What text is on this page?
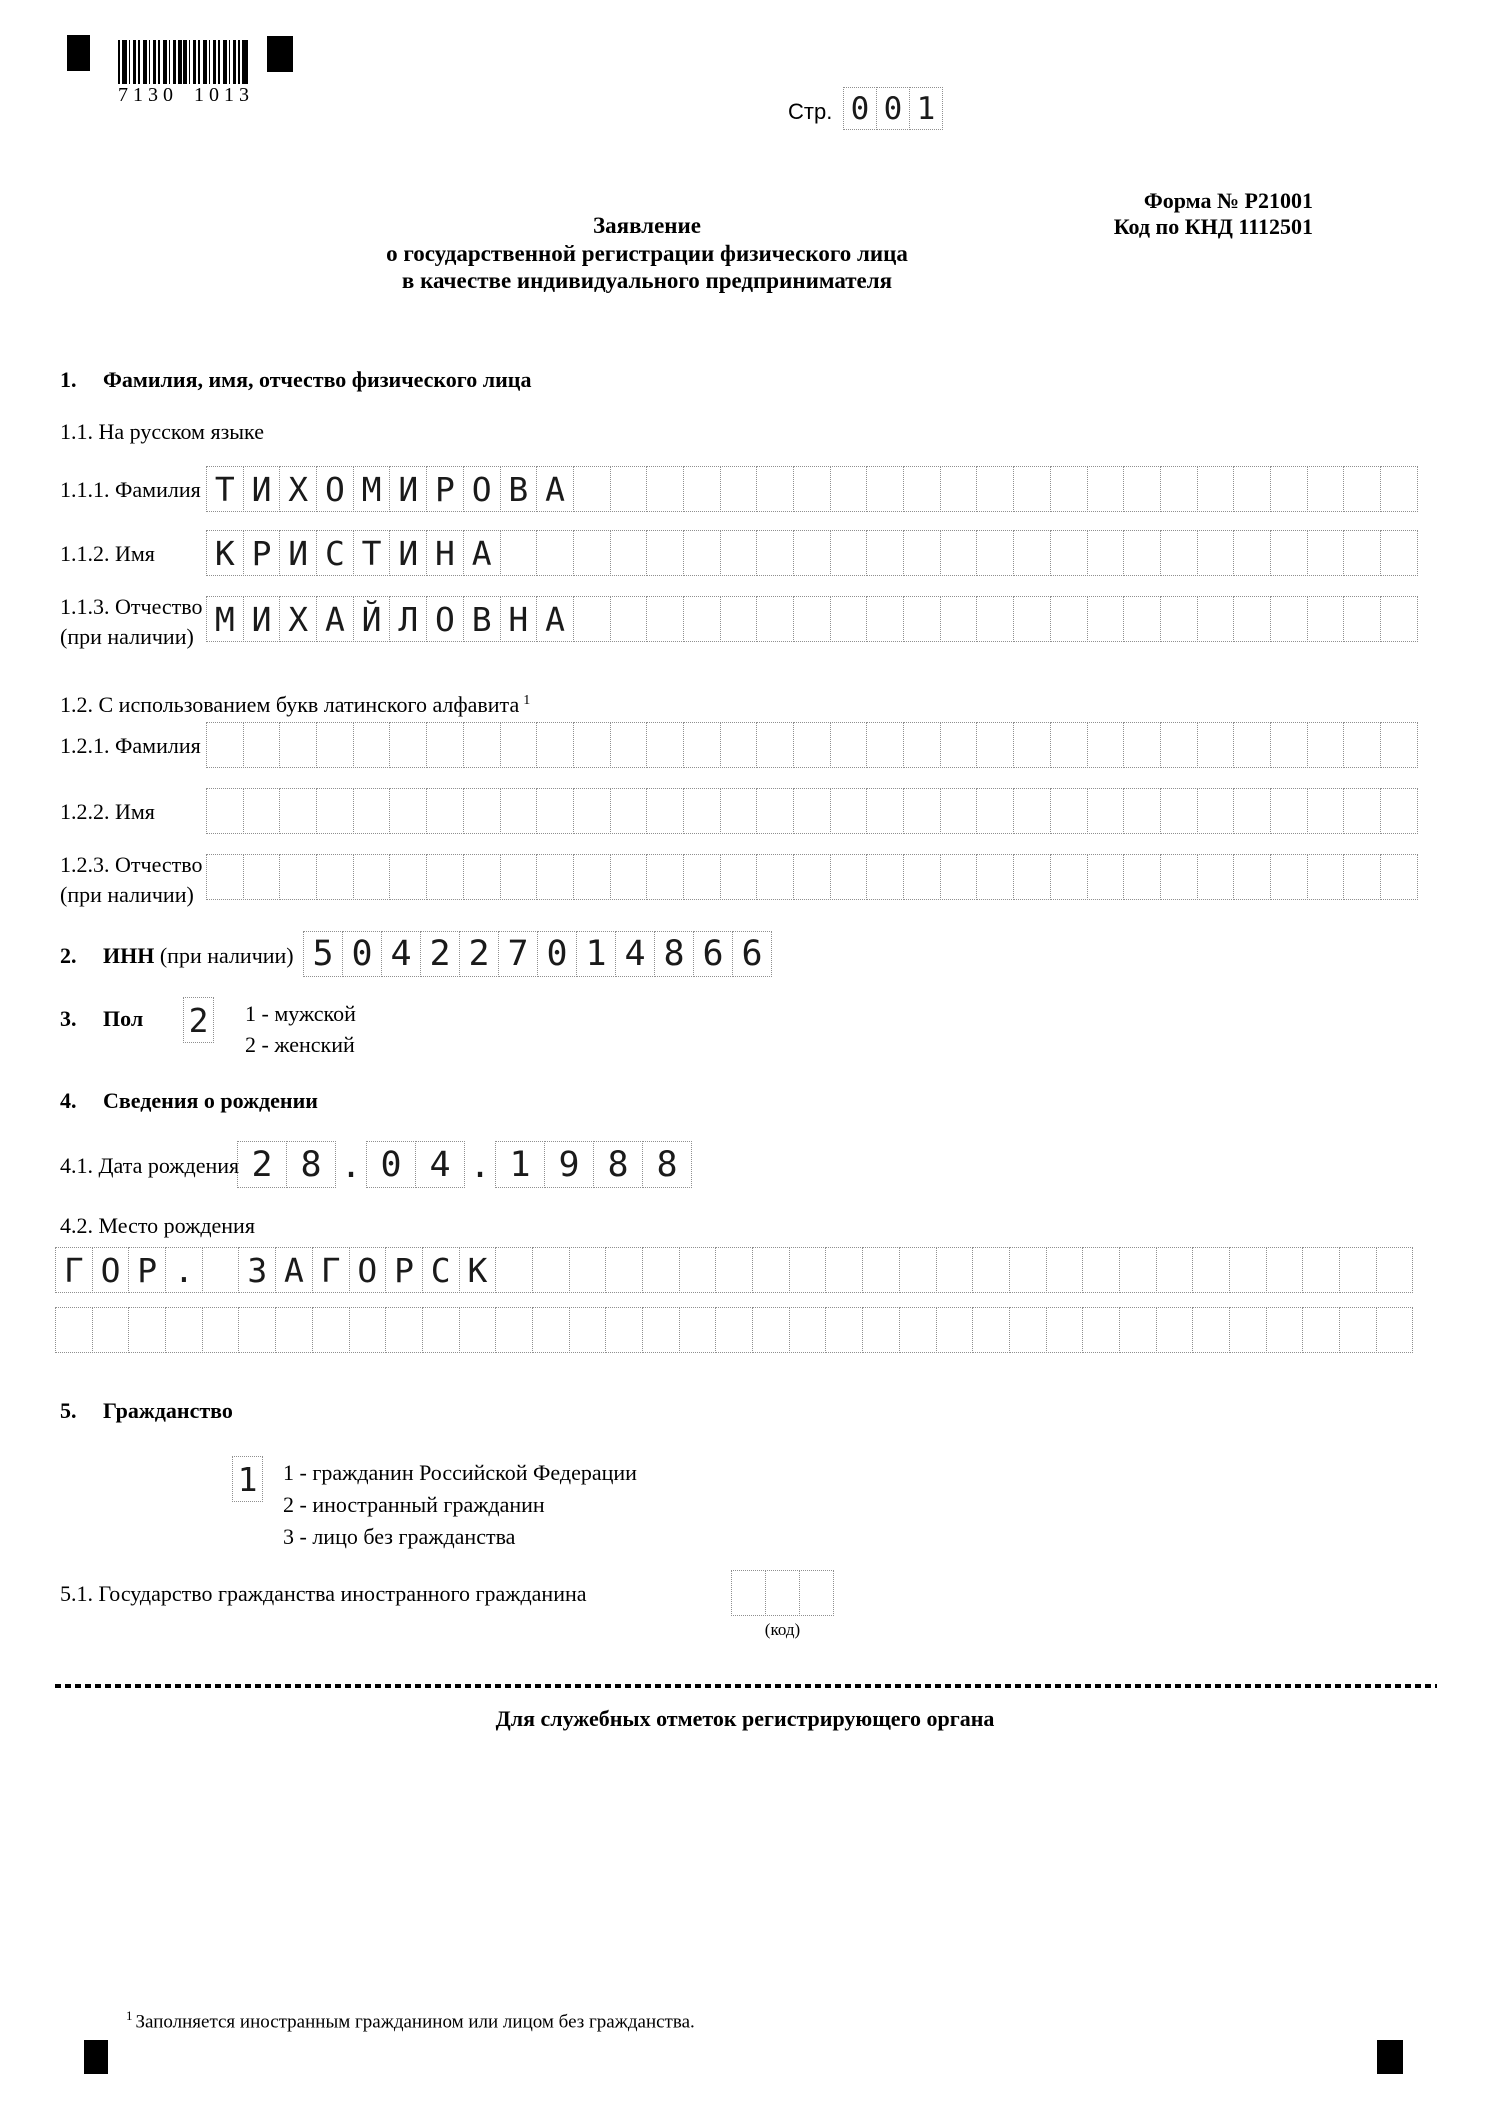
7130 1013
Стр. 0 0 1
Форма № Р21001
Код по КНД 1112501
Заявление
о государственной регистрации физического лица
в качестве индивидуального предпринимателя
1. Фамилия, имя, отчество физического лица
1.1. На русском языке
1.1.1. Фамилия Т И Х О М И Р О В А
1.1.2. Имя К Р И С Т И Н А
1.1.3. Отчество
(при наличии) М И Х А Й Л О В Н А
1.2. С использованием букв латинского алфавита $^1$
1.2.1. Фамилия
1.2.2. Имя
1.2.3. Отчество
(при наличии)
2. ИНН (при наличии) 5 0 4 2 2 7 0 1 4 8 6 6
3. Пол 2 1 - мужской
2 - женский
4. Сведения о рождении
4.1. Дата рождения 2 8 . 0 4 . 1 9 8 8
4.2. Место рождения
Г О Р . З А Г О Р С К
5. Гражданство
1 1 - гражданин Российской Федерации
2 - иностранный гражданин
3 - лицо без гражданства
5.1. Государство гражданства иностранного гражданина
(код)
Для служебных отметок регистрирующего органа
$^1$ Заполняется иностранным гражданином или лицом без гражданства.
